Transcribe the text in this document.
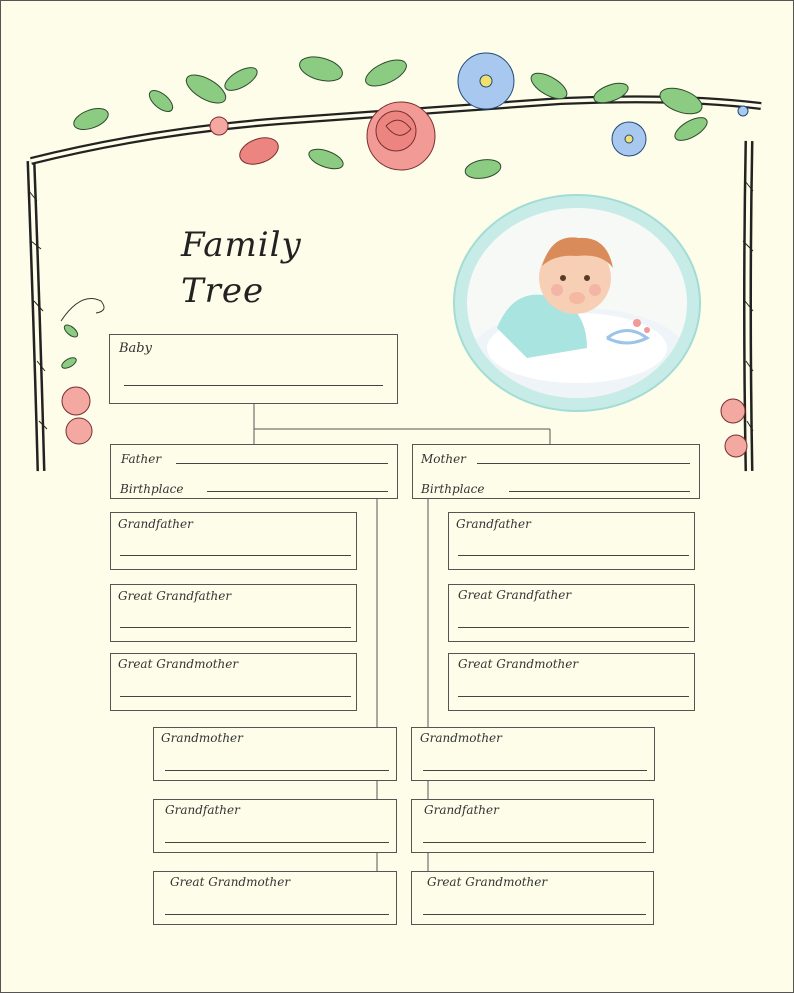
Family
Tree
Baby
Father
Birthplace
Mother
Birthplace
Grandfather
Great Grandfather
Great Grandmother
Grandfather
Great Grandfather
Great Grandmother
Grandmother
Grandfather
Great Grandmother
Grandmother
Grandfather
Great Grandmother
